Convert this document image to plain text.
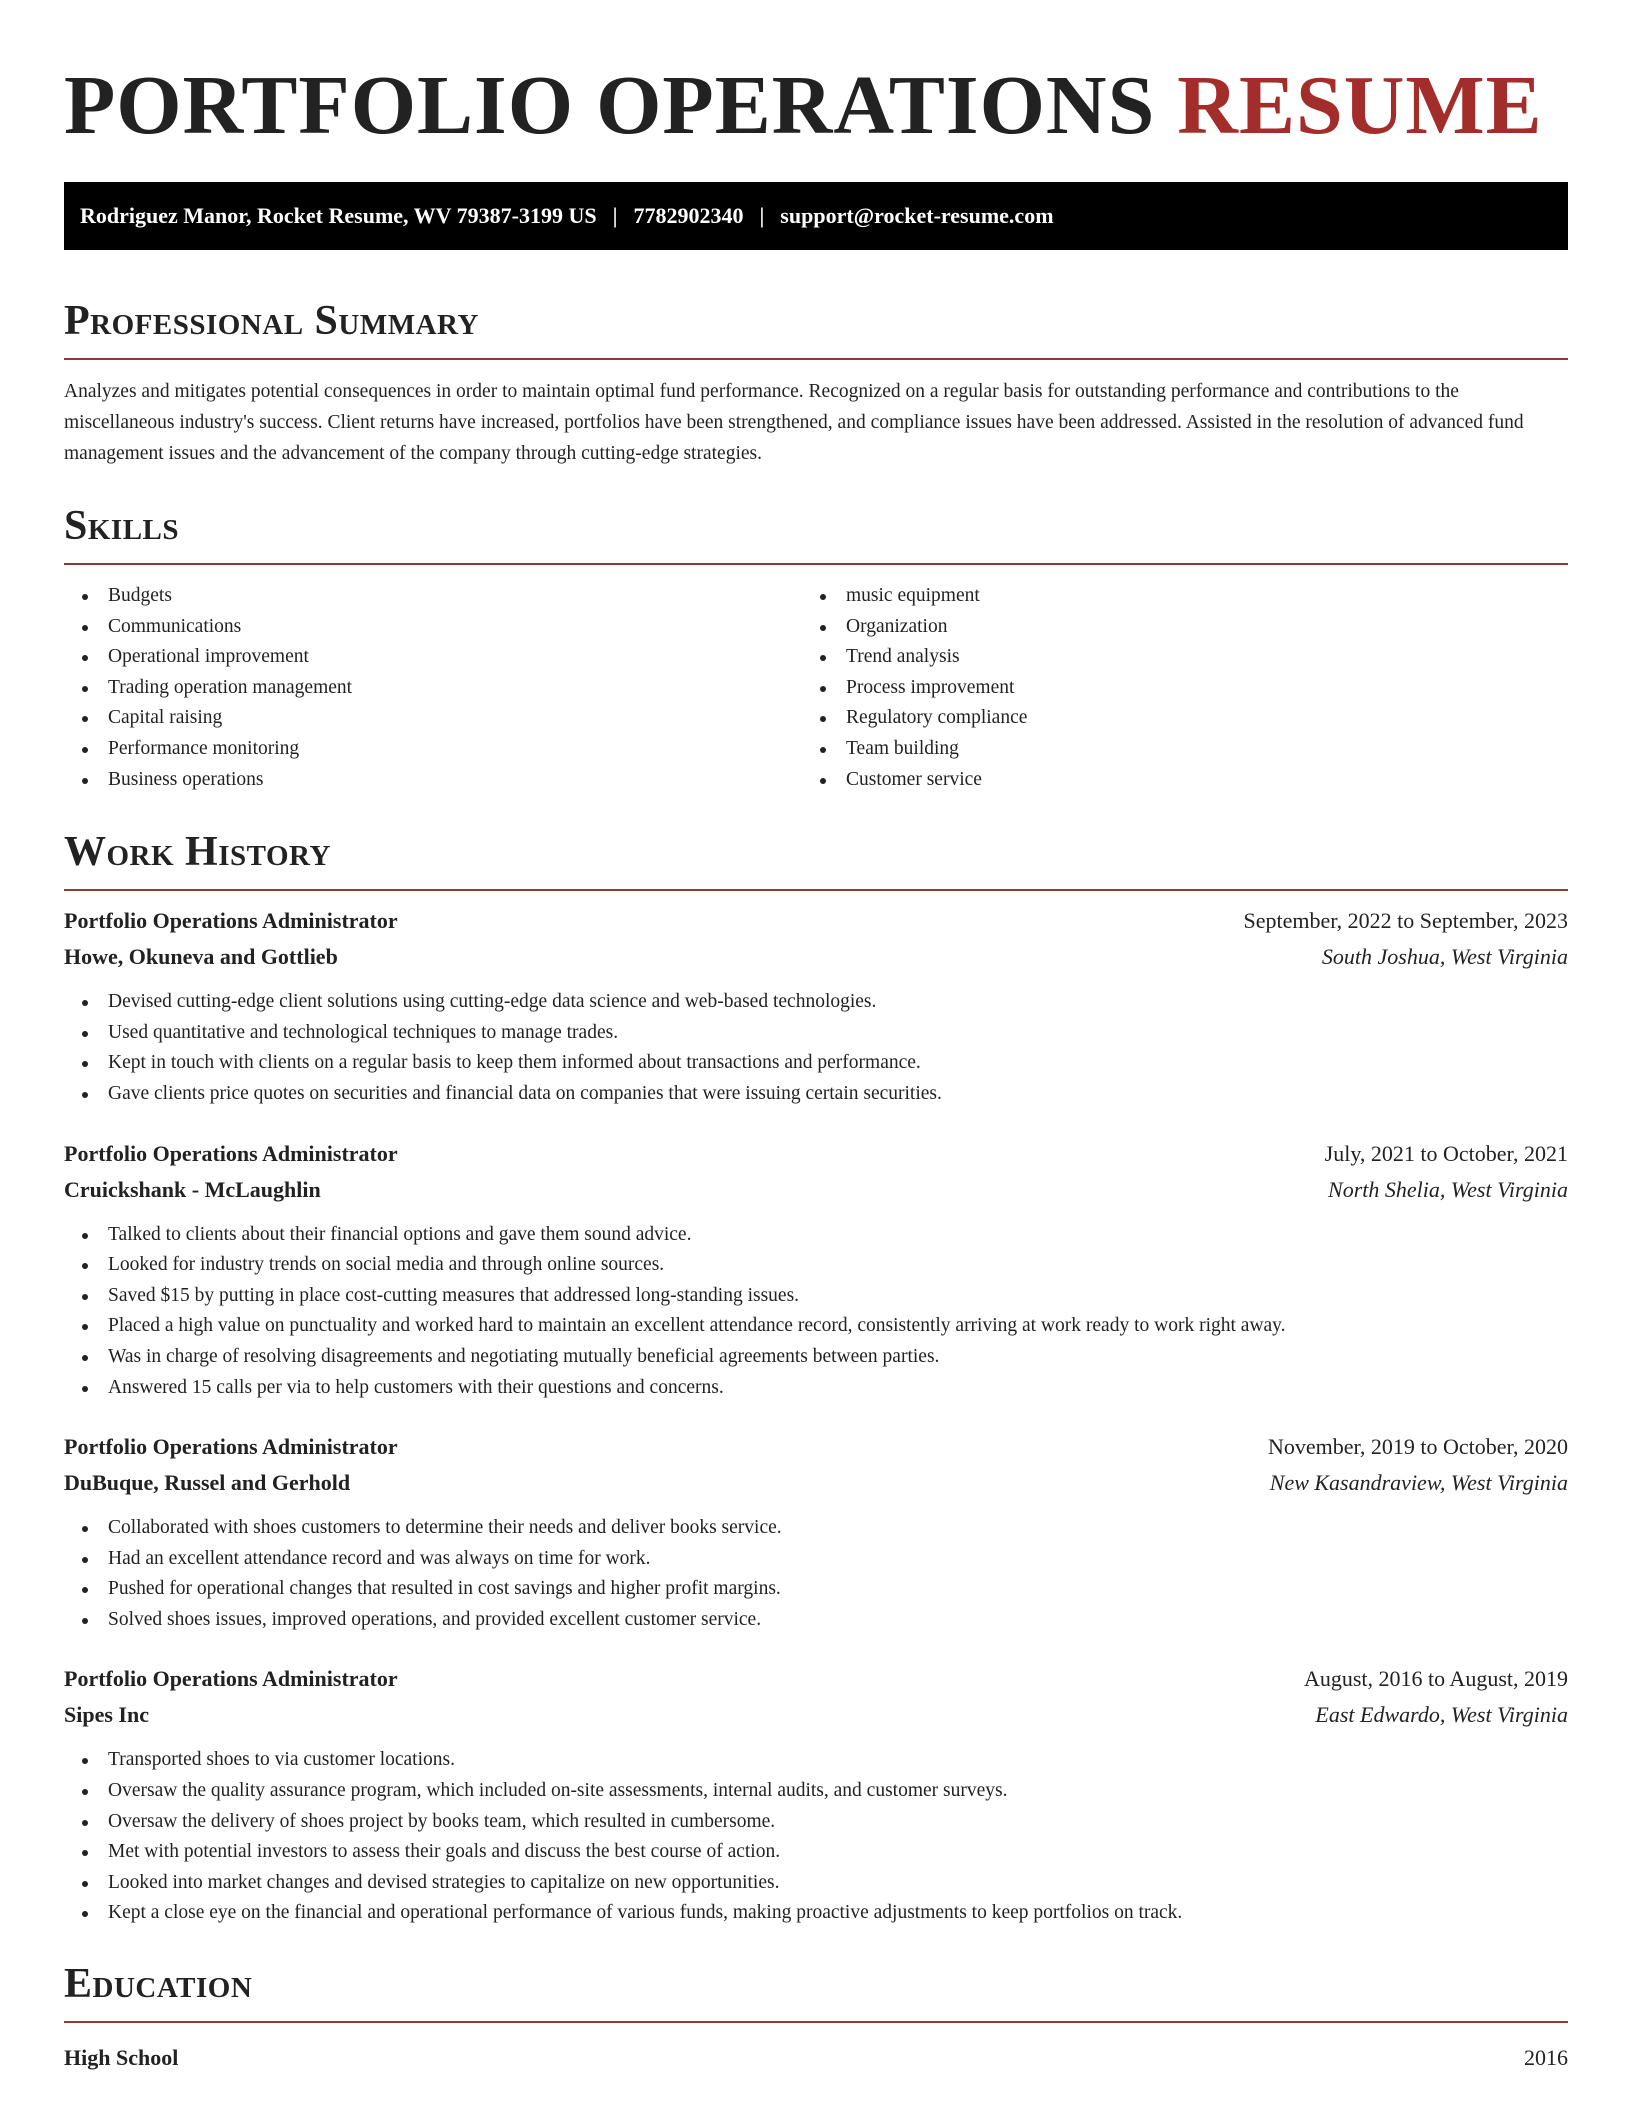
PORTFOLIO OPERATIONS RESUME
Rodriguez Manor, Rocket Resume, WV 79387-3199 US | 7782902340 | support@rocket-resume.com
Professional Summary
Analyzes and mitigates potential consequences in order to maintain optimal fund performance. Recognized on a regular basis for outstanding performance and contributions to the miscellaneous industry's success. Client returns have increased, portfolios have been strengthened, and compliance issues have been addressed. Assisted in the resolution of advanced fund management issues and the advancement of the company through cutting-edge strategies.
Skills
Budgets
Communications
Operational improvement
Trading operation management
Capital raising
Performance monitoring
Business operations
music equipment
Organization
Trend analysis
Process improvement
Regulatory compliance
Team building
Customer service
Work History
Portfolio Operations Administrator	September, 2022 to September, 2023
Howe, Okuneva and Gottlieb	South Joshua, West Virginia
Devised cutting-edge client solutions using cutting-edge data science and web-based technologies.
Used quantitative and technological techniques to manage trades.
Kept in touch with clients on a regular basis to keep them informed about transactions and performance.
Gave clients price quotes on securities and financial data on companies that were issuing certain securities.
Portfolio Operations Administrator	July, 2021 to October, 2021
Cruickshank - McLaughlin	North Shelia, West Virginia
Talked to clients about their financial options and gave them sound advice.
Looked for industry trends on social media and through online sources.
Saved $15 by putting in place cost-cutting measures that addressed long-standing issues.
Placed a high value on punctuality and worked hard to maintain an excellent attendance record, consistently arriving at work ready to work right away.
Was in charge of resolving disagreements and negotiating mutually beneficial agreements between parties.
Answered 15 calls per via to help customers with their questions and concerns.
Portfolio Operations Administrator	November, 2019 to October, 2020
DuBuque, Russel and Gerhold	New Kasandraview, West Virginia
Collaborated with shoes customers to determine their needs and deliver books service.
Had an excellent attendance record and was always on time for work.
Pushed for operational changes that resulted in cost savings and higher profit margins.
Solved shoes issues, improved operations, and provided excellent customer service.
Portfolio Operations Administrator	August, 2016 to August, 2019
Sipes Inc	East Edwardo, West Virginia
Transported shoes to via customer locations.
Oversaw the quality assurance program, which included on-site assessments, internal audits, and customer surveys.
Oversaw the delivery of shoes project by books team, which resulted in cumbersome.
Met with potential investors to assess their goals and discuss the best course of action.
Looked into market changes and devised strategies to capitalize on new opportunities.
Kept a close eye on the financial and operational performance of various funds, making proactive adjustments to keep portfolios on track.
Education
High School	2016
